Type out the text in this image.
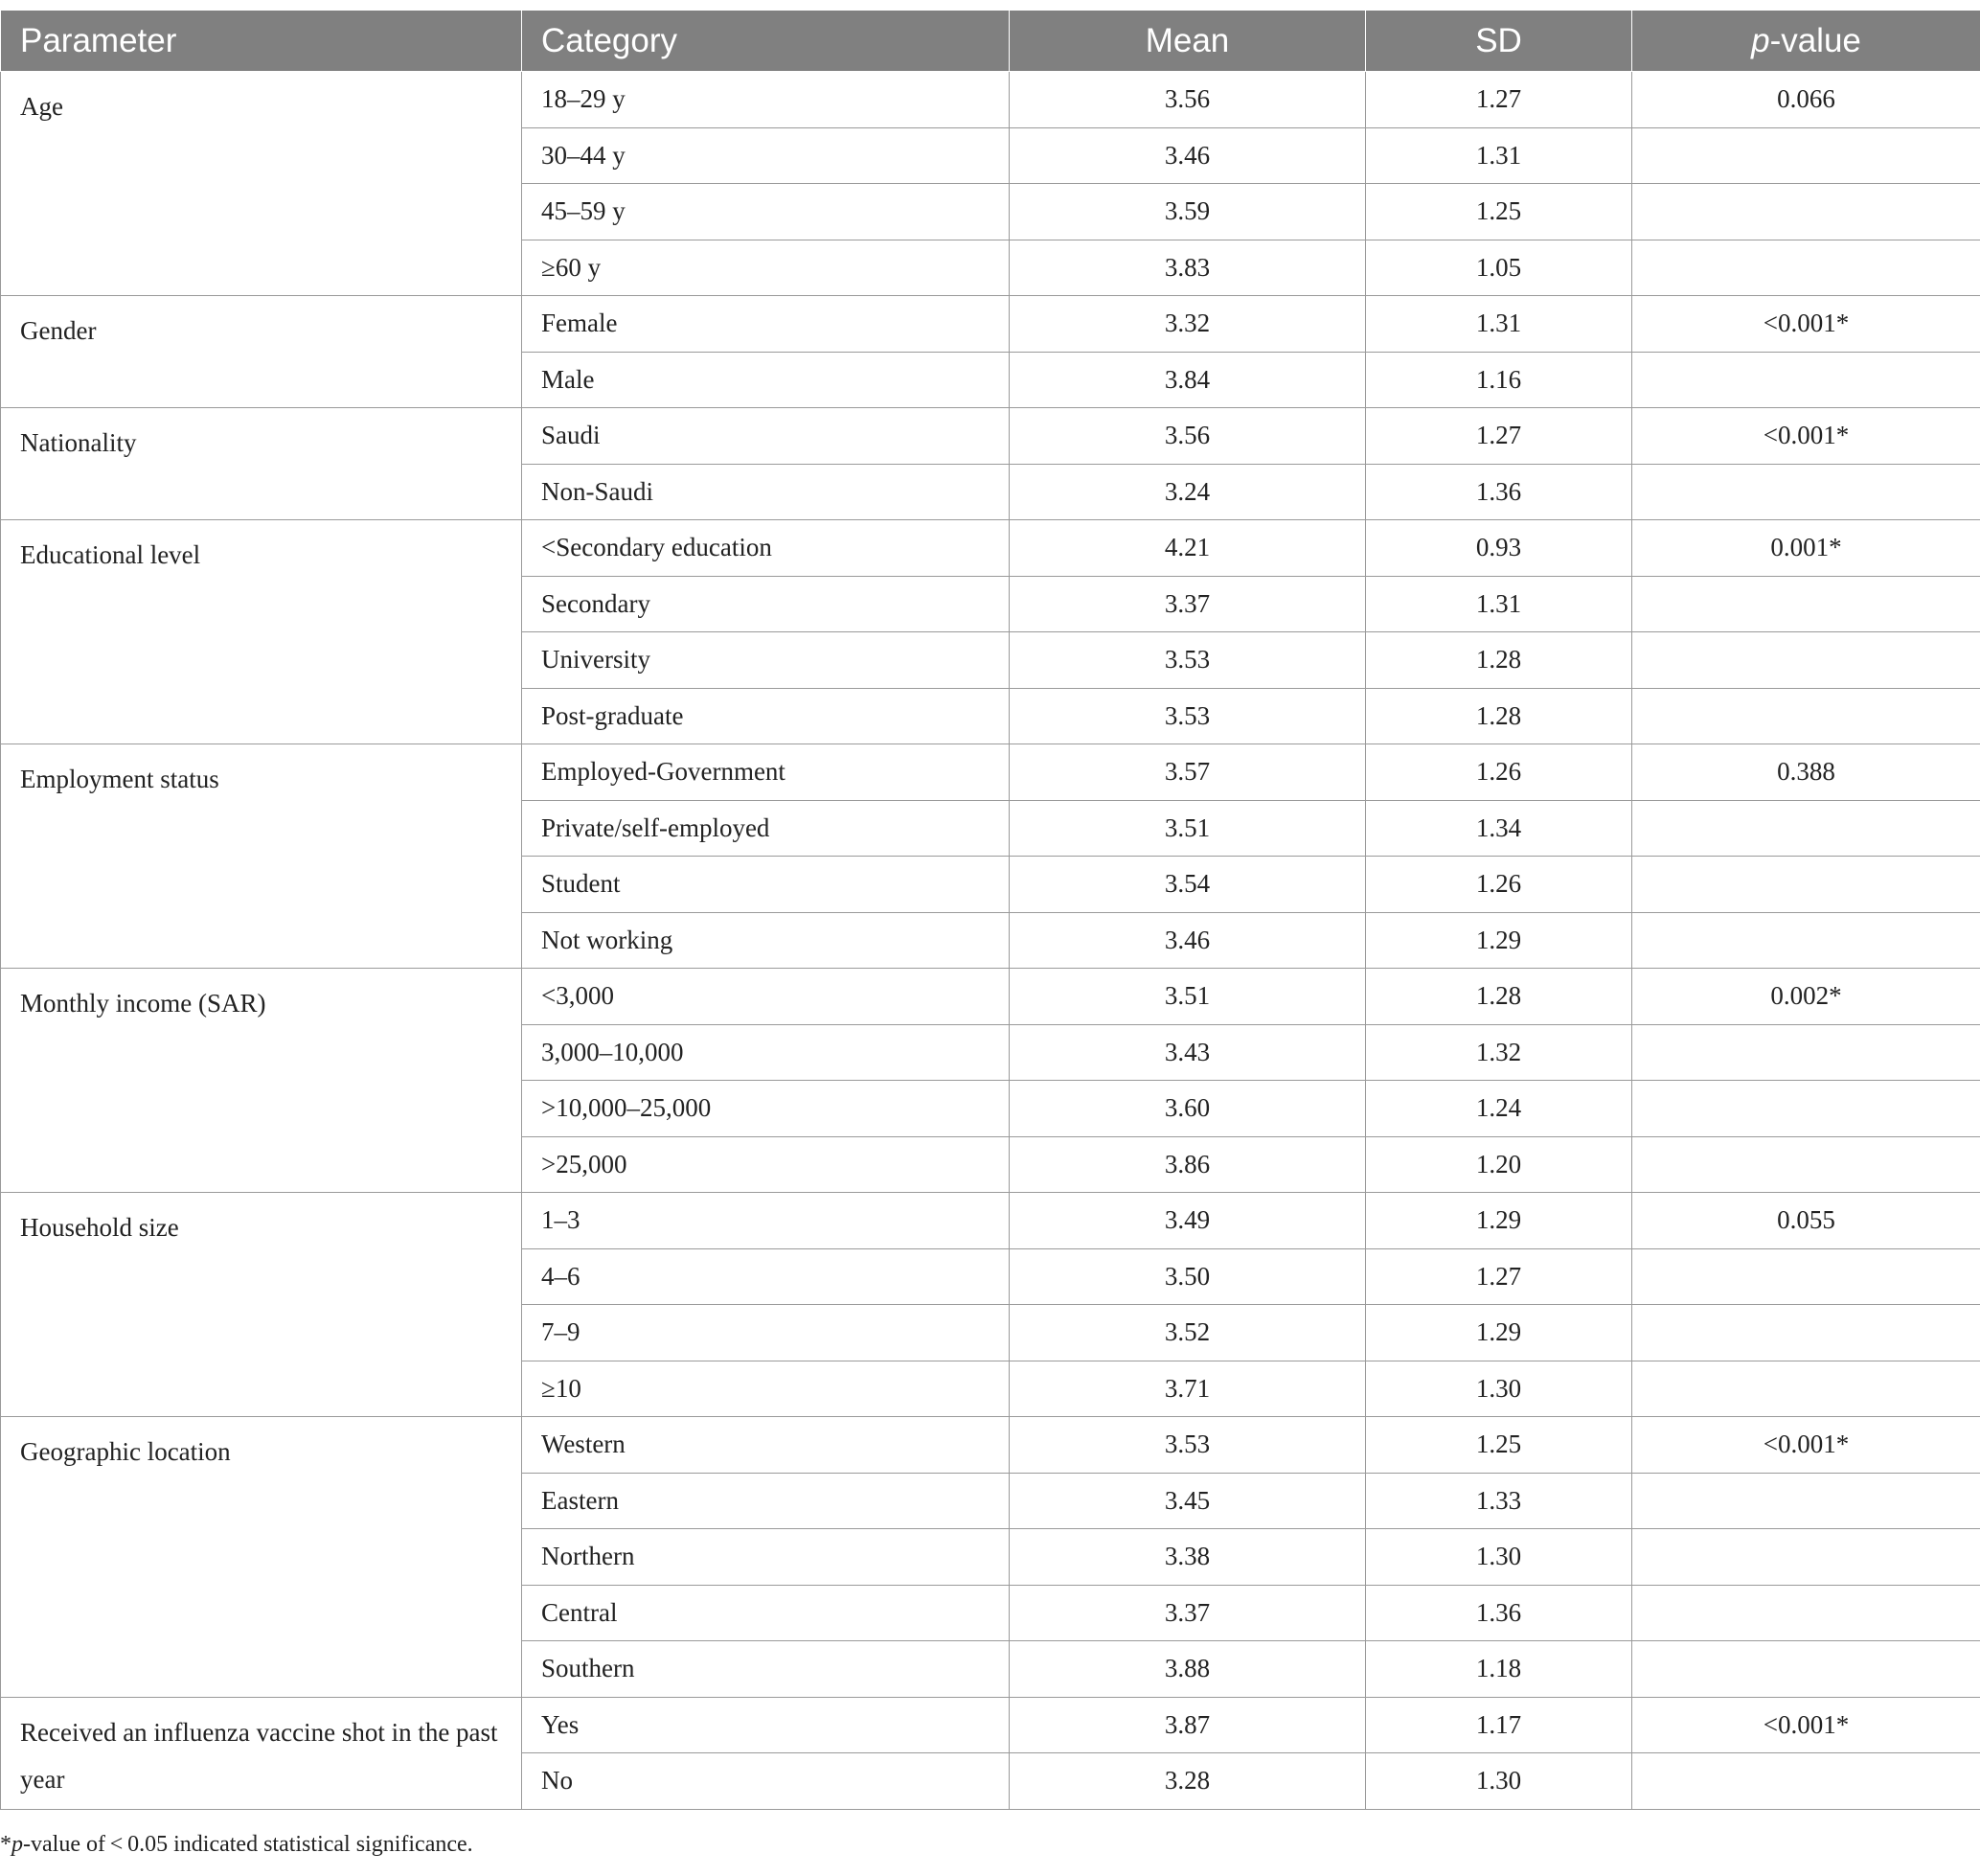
Parameter	Category	Mean	SD	p-value
Age	18–29 y	3.56	1.27	0.066
	30–44 y	3.46	1.31	
	45–59 y	3.59	1.25	
	≥60 y	3.83	1.05	
Gender	Female	3.32	1.31	<0.001*
	Male	3.84	1.16	
Nationality	Saudi	3.56	1.27	<0.001*
	Non-Saudi	3.24	1.36	
Educational level	<Secondary education	4.21	0.93	0.001*
	Secondary	3.37	1.31	
	University	3.53	1.28	
	Post-graduate	3.53	1.28	
Employment status	Employed-Government	3.57	1.26	0.388
	Private/self-employed	3.51	1.34	
	Student	3.54	1.26	
	Not working	3.46	1.29	
Monthly income (SAR)	<3,000	3.51	1.28	0.002*
	3,000–10,000	3.43	1.32	
	>10,000–25,000	3.60	1.24	
	>25,000	3.86	1.20	
Household size	1–3	3.49	1.29	0.055
	4–6	3.50	1.27	
	7–9	3.52	1.29	
	≥10	3.71	1.30	
Geographic location	Western	3.53	1.25	<0.001*
	Eastern	3.45	1.33	
	Northern	3.38	1.30	
	Central	3.37	1.36	
	Southern	3.88	1.18	
Received an influenza vaccine shot in the past year	Yes	3.87	1.17	<0.001*
	No	3.28	1.30	
*p-value of < 0.05 indicated statistical significance.
